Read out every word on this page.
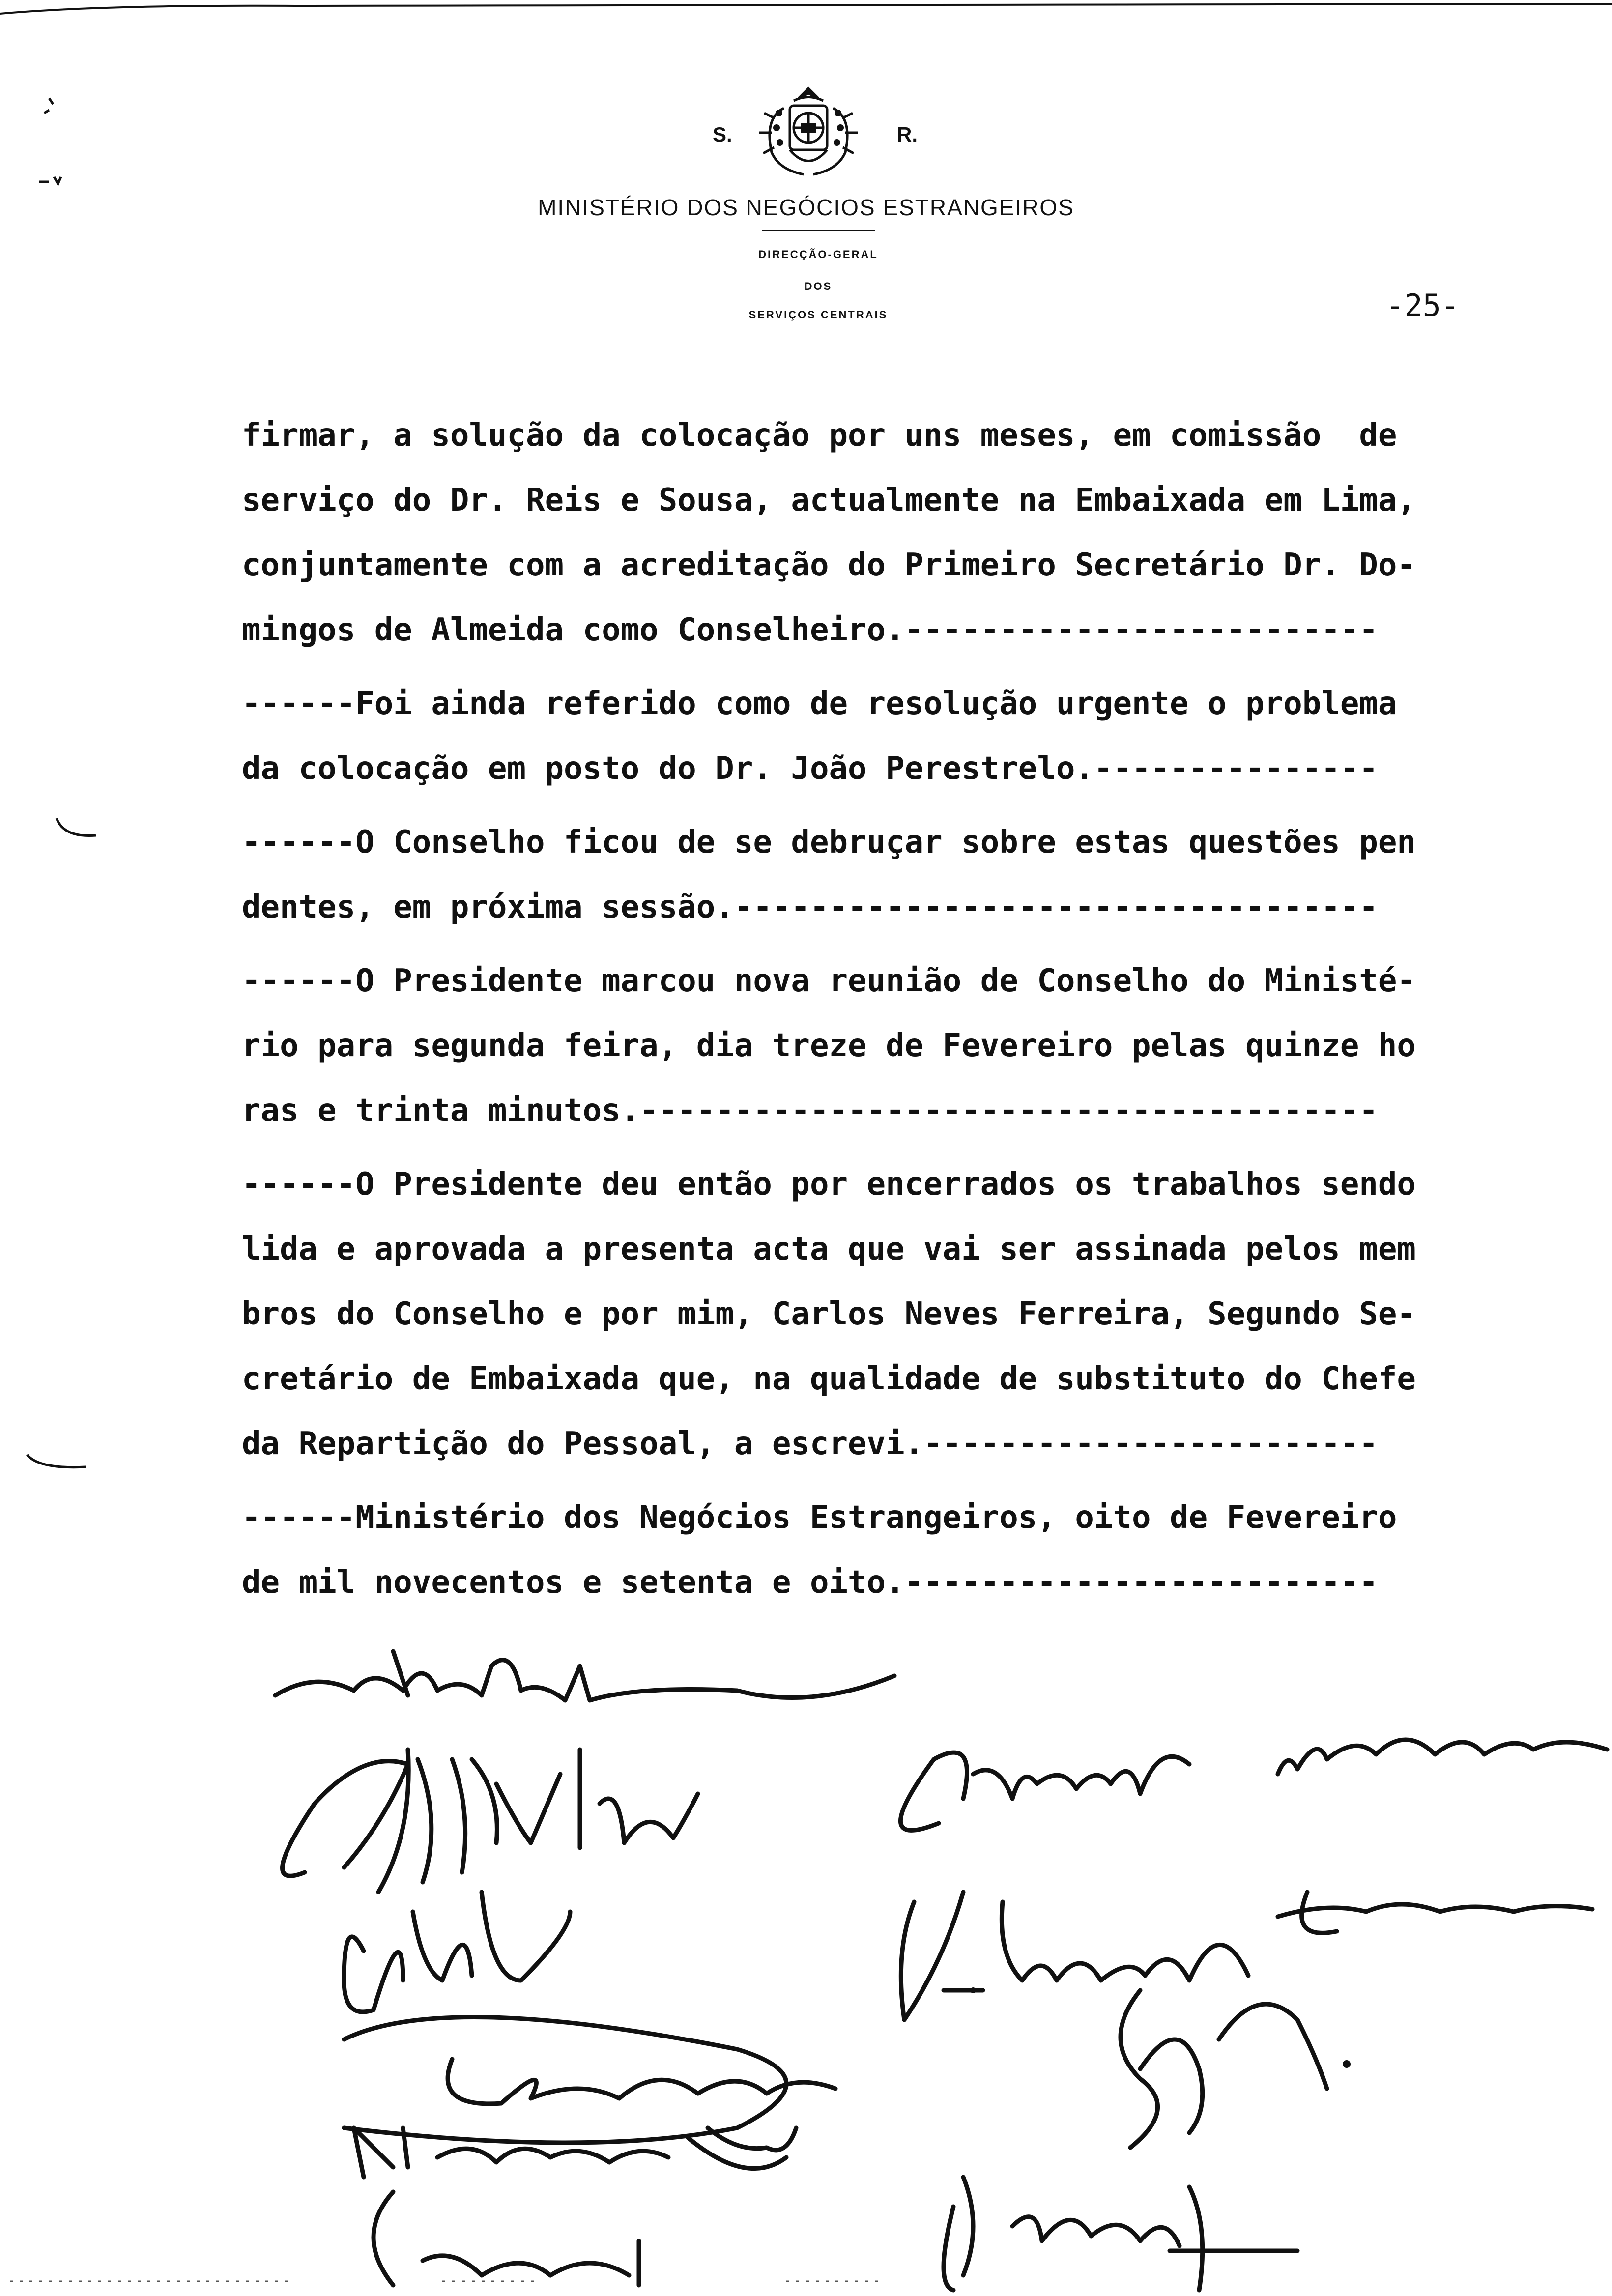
S.	R.
MINISTÉRIO DOS NEGÓCIOS ESTRANGEIROS
DIRECÇÃO-GERAL
DOS
SERVIÇOS CENTRAIS	-25-

firmar, a solução da colocação por uns meses, em comissão  de

serviço do Dr. Reis e Sousa, actualmente na Embaixada em Lima,

conjuntamente com a acreditação do Primeiro Secretário Dr. Do-

mingos de Almeida como Conselheiro.-------------------------

------Foi ainda referido como de resolução urgente o problema

da colocação em posto do Dr. João Perestrelo.---------------

------O Conselho ficou de se debruçar sobre estas questões pen

dentes, em próxima sessão.----------------------------------

------O Presidente marcou nova reunião de Conselho do Ministé-

rio para segunda feira, dia treze de Fevereiro pelas quinze ho

ras e trinta minutos.---------------------------------------

------O Presidente deu então por encerrados os trabalhos sendo

lida e aprovada a presenta acta que vai ser assinada pelos mem

bros do Conselho e por mim, Carlos Neves Ferreira, Segundo Se-

cretário de Embaixada que, na qualidade de substituto do Chefe

da Repartição do Pessoal, a escrevi.------------------------

------Ministério dos Negócios Estrangeiros, oito de Fevereiro

de mil novecentos e setenta e oito.-------------------------
